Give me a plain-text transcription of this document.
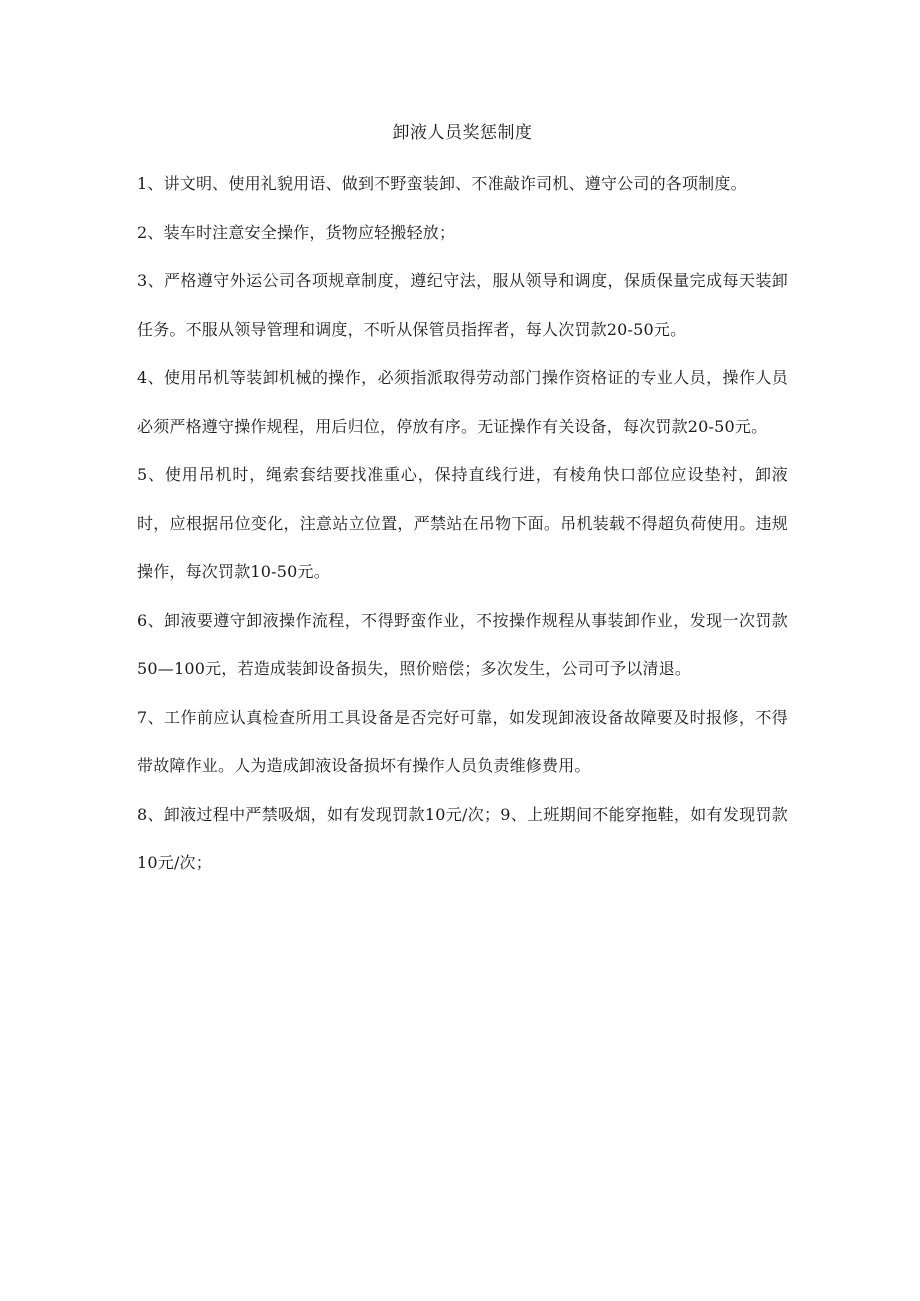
卸液人员奖惩制度

1、讲文明、使用礼貌用语、做到不野蛮装卸、不准敲诈司机、遵守公司的各项制度。

2、装车时注意安全操作，货物应轻搬轻放；

3、严格遵守外运公司各项规章制度，遵纪守法，服从领导和调度，保质保量完成每天装卸任务。不服从领导管理和调度，不听从保管员指挥者，每人次罚款20-50元。

4、使用吊机等装卸机械的操作，必须指派取得劳动部门操作资格证的专业人员，操作人员必须严格遵守操作规程，用后归位，停放有序。无证操作有关设备，每次罚款20-50元。

5、使用吊机时，绳索套结要找准重心，保持直线行进，有棱角快口部位应设垫衬，卸液时，应根据吊位变化，注意站立位置，严禁站在吊物下面。吊机装载不得超负荷使用。违规操作，每次罚款10-50元。

6、卸液要遵守卸液操作流程，不得野蛮作业，不按操作规程从事装卸作业，发现一次罚款50—100元，若造成装卸设备损失，照价赔偿；多次发生，公司可予以清退。

7、工作前应认真检查所用工具设备是否完好可靠，如发现卸液设备故障要及时报修，不得带故障作业。人为造成卸液设备损坏有操作人员负责维修费用。

8、卸液过程中严禁吸烟，如有发现罚款10元/次；9、上班期间不能穿拖鞋，如有发现罚款10元/次；
